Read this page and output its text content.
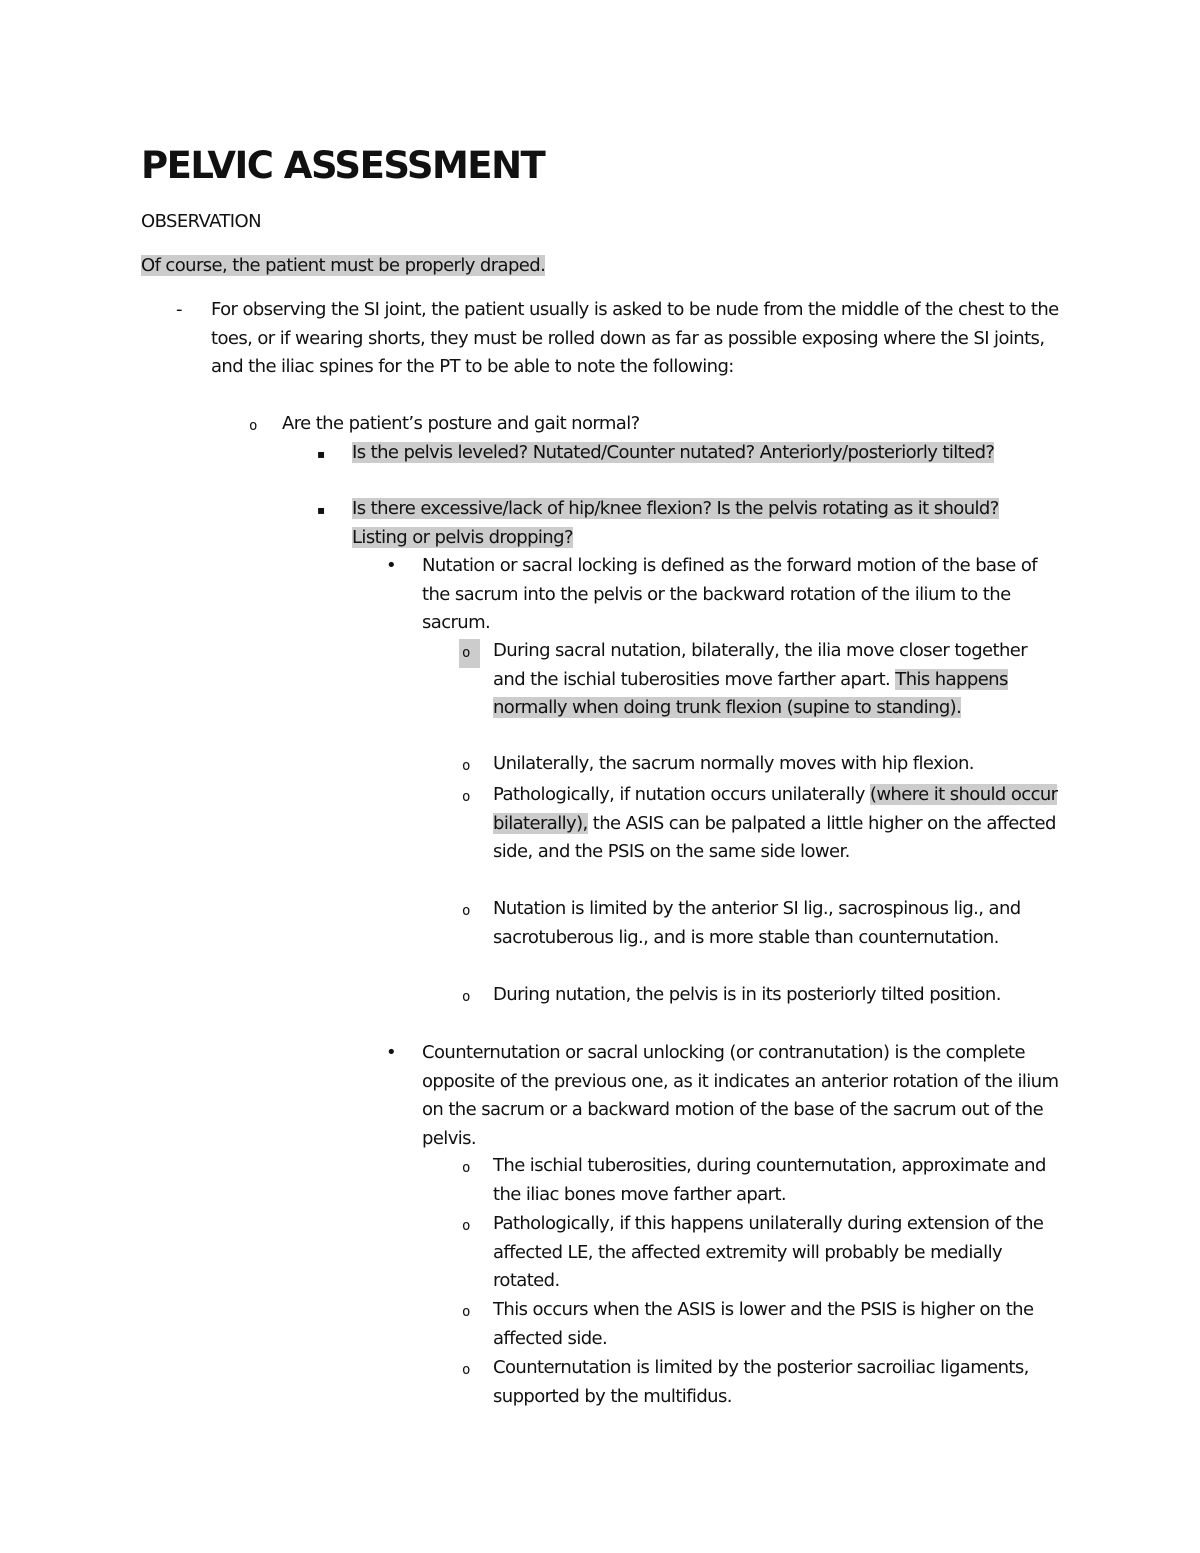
PELVIC ASSESSMENT
OBSERVATION
Of course, the patient must be properly draped.
- For observing the SI joint, the patient usually is asked to be nude from the middle of the chest to the toes, or if wearing shorts, they must be rolled down as far as possible exposing where the SI joints, and the iliac spines for the PT to be able to note the following:
o Are the patient’s posture and gait normal?
▪ Is the pelvis leveled? Nutated/Counter nutated? Anteriorly/posteriorly tilted?
▪ Is there excessive/lack of hip/knee flexion? Is the pelvis rotating as it should? Listing or pelvis dropping?
• Nutation or sacral locking is defined as the forward motion of the base of the sacrum into the pelvis or the backward rotation of the ilium to the sacrum.
o	During sacral nutation, bilaterally, the ilia move closer together and the ischial tuberosities move farther apart. This happens normally when doing trunk flexion (supine to standing).
o Unilaterally, the sacrum normally moves with hip flexion.
o Pathologically, if nutation occurs unilaterally (where it should occur bilaterally), the ASIS can be palpated a little higher on the affected side, and the PSIS on the same side lower.
o Nutation is limited by the anterior SI lig., sacrospinous lig., and sacrotuberous lig., and is more stable than counternutation.
o During nutation, the pelvis is in its posteriorly tilted position.
• Counternutation or sacral unlocking (or contranutation) is the complete opposite of the previous one, as it indicates an anterior rotation of the ilium on the sacrum or a backward motion of the base of the sacrum out of the pelvis.
o The ischial tuberosities, during counternutation, approximate and the iliac bones move farther apart.
o Pathologically, if this happens unilaterally during extension of the affected LE, the affected extremity will probably be medially rotated.
o This occurs when the ASIS is lower and the PSIS is higher on the affected side.
o Counternutation is limited by the posterior sacroiliac ligaments, supported by the multifidus.
